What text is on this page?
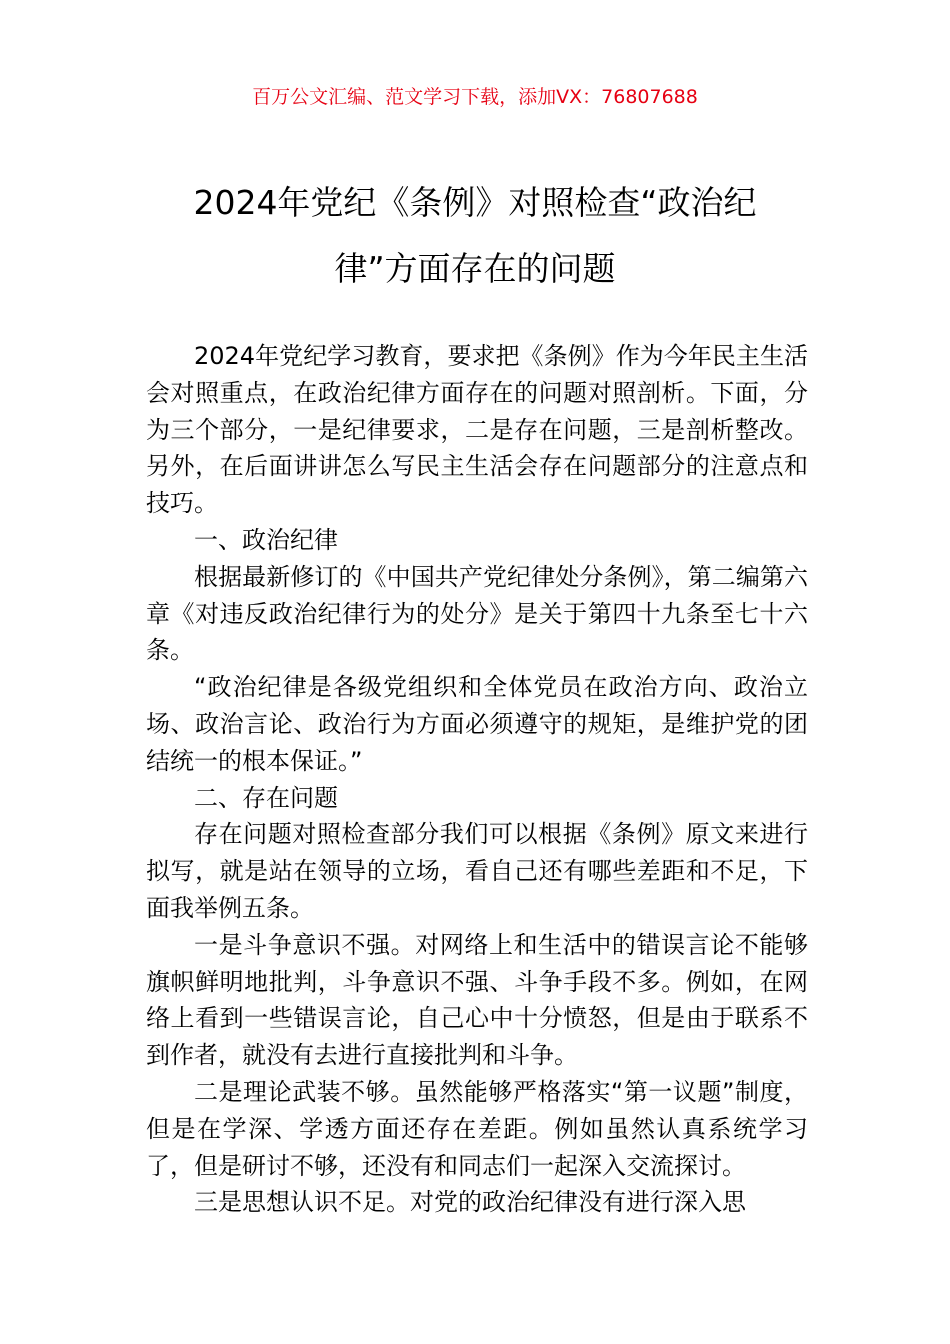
百万公文汇编、范文学习下载，添加VX：76807688
2024年党纪《条例》对照检查“政治纪
律”方面存在的问题

2024年党纪学习教育，要求把《条例》作为今年民主生活会对照重点，在政治纪律方面存在的问题对照剖析。下面，分为三个部分，一是纪律要求，二是存在问题，三是剖析整改。另外，在后面讲讲怎么写民主生活会存在问题部分的注意点和技巧。

一、政治纪律

根据最新修订的《中国共产党纪律处分条例》，第二编第六章《对违反政治纪律行为的处分》是关于第四十九条至七十六条。

“政治纪律是各级党组织和全体党员在政治方向、政治立场、政治言论、政治行为方面必须遵守的规矩，是维护党的团结统一的根本保证。”

二、存在问题

存在问题对照检查部分我们可以根据《条例》原文来进行拟写，就是站在领导的立场，看自己还有哪些差距和不足，下面我举例五条。

一是斗争意识不强。对网络上和生活中的错误言论不能够旗帜鲜明地批判，斗争意识不强、斗争手段不多。例如，在网络上看到一些错误言论，自己心中十分愤怒，但是由于联系不到作者，就没有去进行直接批判和斗争。

二是理论武装不够。虽然能够严格落实“第一议题”制度，但是在学深、学透方面还存在差距。例如虽然认真系统学习了，但是研讨不够，还没有和同志们一起深入交流探讨。

三是思想认识不足。对党的政治纪律没有进行深入思
